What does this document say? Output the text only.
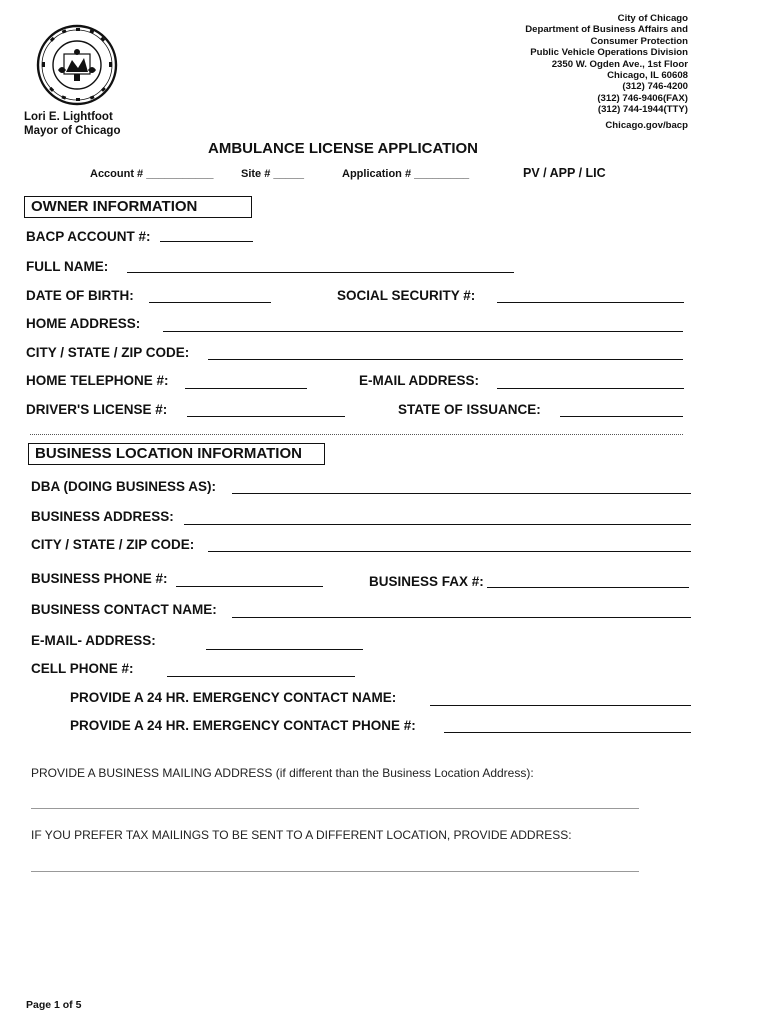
Lori E. Lightfoot
Mayor of Chicago
City of Chicago
Department of Business Affairs and
Consumer Protection
Public Vehicle Operations Division
2350 W. Ogden Ave., 1st Floor
Chicago, IL 60608
(312) 746-4200
(312) 746-9406(FAX)
(312) 744-1944(TTY)
Chicago.gov/bacp
AMBULANCE LICENSE APPLICATION
Account # ___________ Site # _____	Application # _________	PV / APP / LIC
OWNER INFORMATION
BACP ACCOUNT #:
FULL NAME:
DATE OF BIRTH:	SOCIAL SECURITY #:
HOME ADDRESS:
CITY / STATE / ZIP CODE:
HOME TELEPHONE #:	E-MAIL ADDRESS:
DRIVER'S LICENSE #:	STATE OF ISSUANCE:
BUSINESS LOCATION INFORMATION
DBA (DOING BUSINESS AS):
BUSINESS ADDRESS:
CITY / STATE / ZIP CODE:
BUSINESS PHONE #:	BUSINESS FAX #:
BUSINESS CONTACT NAME:
E-MAIL- ADDRESS:
CELL PHONE #:
PROVIDE A 24 HR. EMERGENCY CONTACT NAME:
PROVIDE A 24 HR. EMERGENCY CONTACT PHONE #:
PROVIDE A BUSINESS MAILING ADDRESS (if different than the Business Location Address):
IF YOU PREFER TAX MAILINGS TO BE SENT TO A DIFFERENT LOCATION, PROVIDE ADDRESS:
Page 1 of 5
